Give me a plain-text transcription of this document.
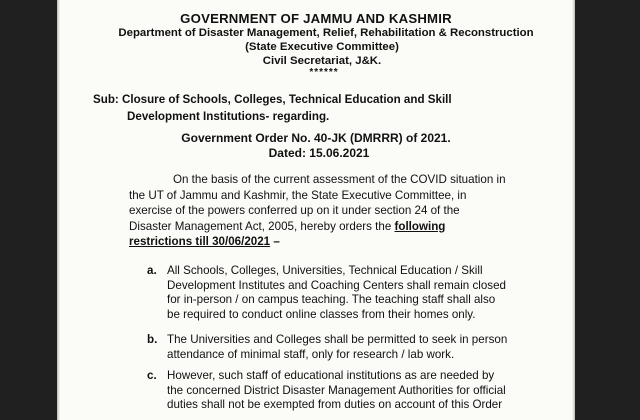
GOVERNMENT OF JAMMU AND KASHMIR
Department of Disaster Management, Relief, Rehabilitation & Reconstruction
(State Executive Committee)
Civil Secretariat, J&K.
******
Sub: Closure of Schools, Colleges, Technical Education and Skill
Development Institutions- regarding.
Government Order No. 40-JK (DMRRR) of 2021.
Dated: 15.06.2021
On the basis of the current assessment of the COVID situation in
the UT of Jammu and Kashmir, the State Executive Committee, in
exercise of the powers conferred up on it under section 24 of the
Disaster Management Act, 2005, hereby orders the following
restrictions till 30/06/2021 –
a. All Schools, Colleges, Universities, Technical Education / Skill
Development Institutes and Coaching Centers shall remain closed
for in-person / on campus teaching. The teaching staff shall also
be required to conduct online classes from their homes only.
b. The Universities and Colleges shall be permitted to seek in person
attendance of minimal staff, only for research / lab work.
c. However, such staff of educational institutions as are needed by
the concerned District Disaster Management Authorities for official
duties shall not be exempted from duties on account of this Order
